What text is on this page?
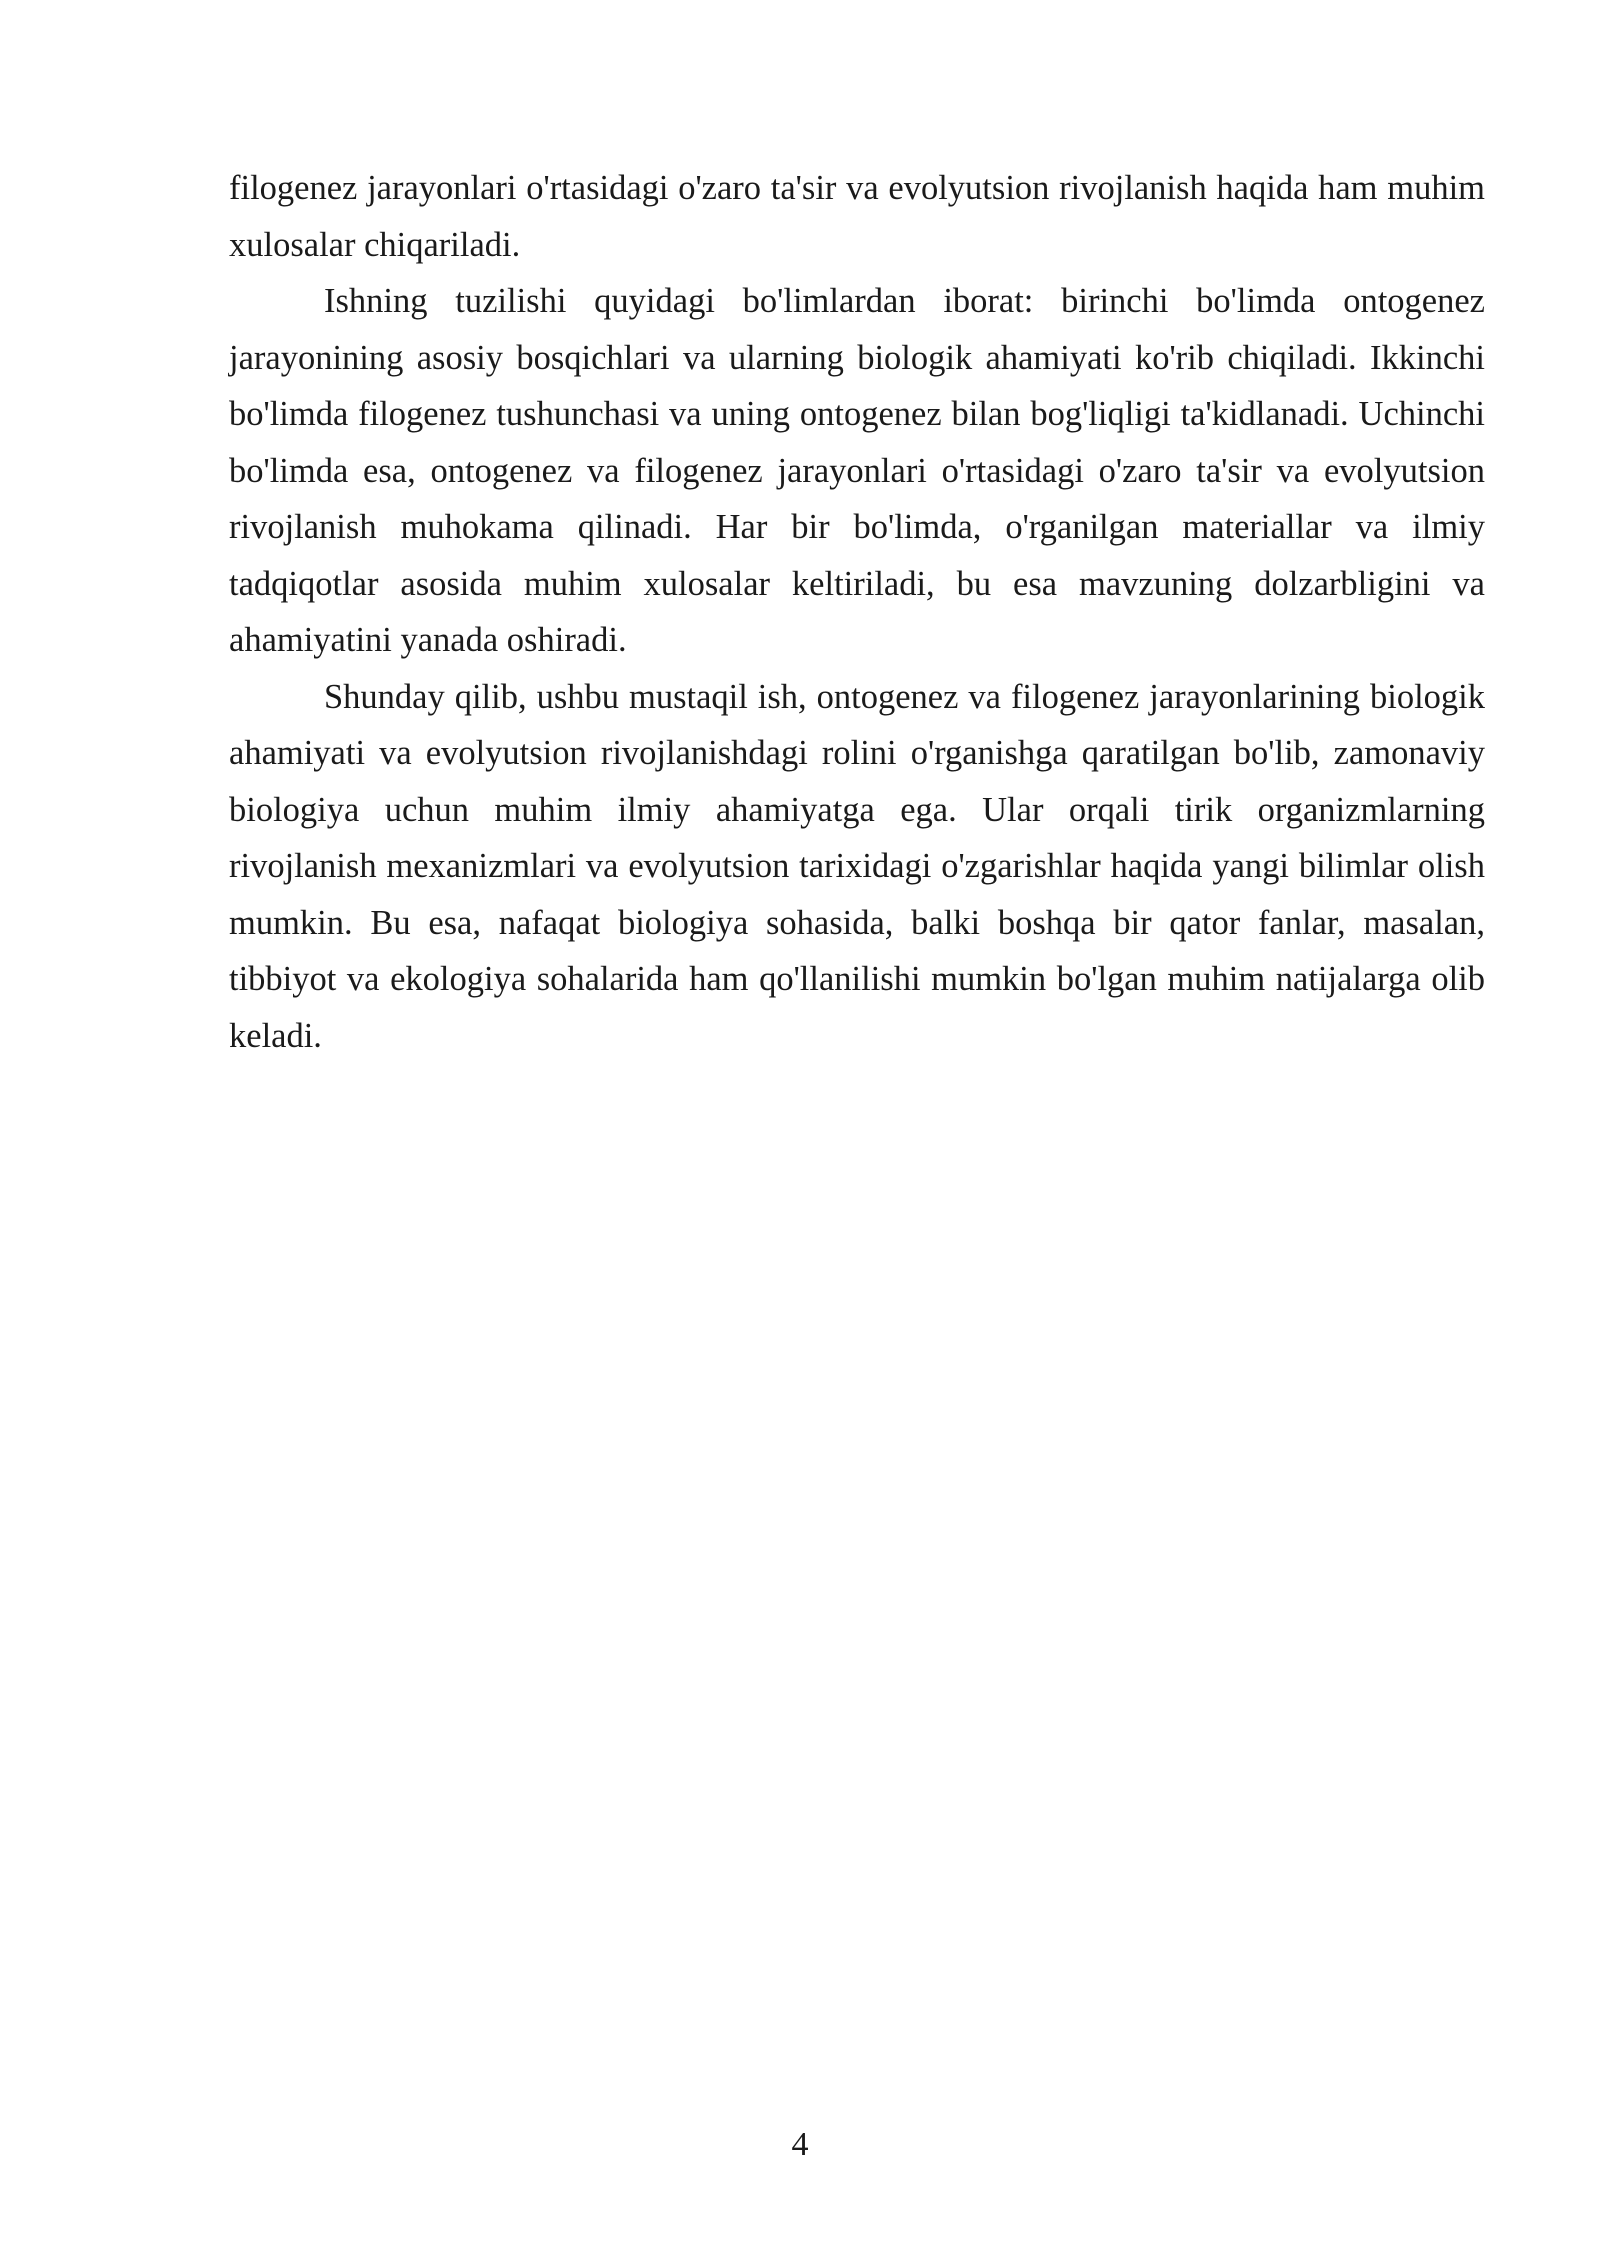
filogenez jarayonlari o'rtasidagi o'zaro ta'sir va evolyutsion rivojlanish haqida ham muhim xulosalar chiqariladi.

Ishning tuzilishi quyidagi bo'limlardan iborat: birinchi bo'limda ontogenez jarayonining asosiy bosqichlari va ularning biologik ahamiyati ko'rib chiqiladi. Ikkinchi bo'limda filogenez tushunchasi va uning ontogenez bilan bog'liqligi ta'kidlanadi. Uchinchi bo'limda esa, ontogenez va filogenez jarayonlari o'rtasidagi o'zaro ta'sir va evolyutsion rivojlanish muhokama qilinadi. Har bir bo'limda, o'rganilgan materiallar va ilmiy tadqiqotlar asosida muhim xulosalar keltiriladi, bu esa mavzuning dolzarbligini va ahamiyatini yanada oshiradi.

Shunday qilib, ushbu mustaqil ish, ontogenez va filogenez jarayonlarining biologik ahamiyati va evolyutsion rivojlanishdagi rolini o'rganishga qaratilgan bo'lib, zamonaviy biologiya uchun muhim ilmiy ahamiyatga ega. Ular orqali tirik organizmlarning rivojlanish mexanizmlari va evolyutsion tarixidagi o'zgarishlar haqida yangi bilimlar olish mumkin. Bu esa, nafaqat biologiya sohasida, balki boshqa bir qator fanlar, masalan, tibbiyot va ekologiya sohalarida ham qo'llanilishi mumkin bo'lgan muhim natijalarga olib keladi.

4
